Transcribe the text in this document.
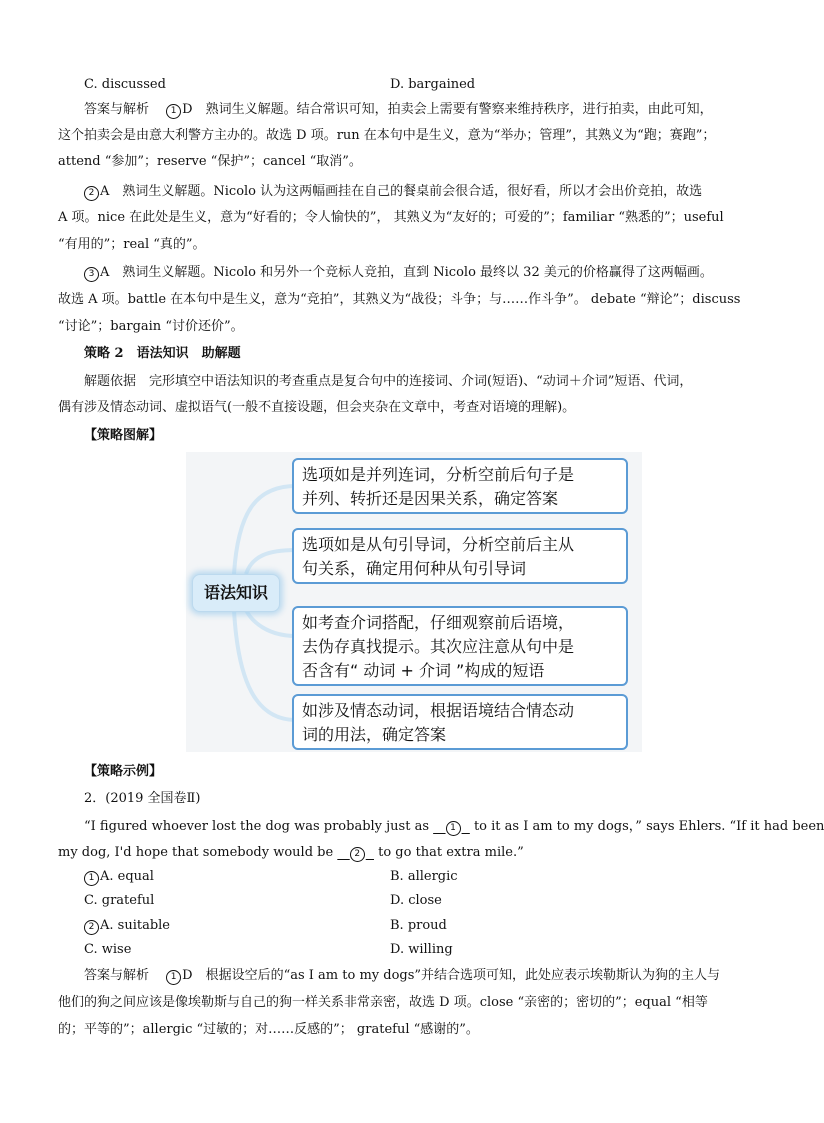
C. discussed	D. bargained
答案与解析　 1 D　熟词生义解题。结合常识可知，拍卖会上需要有警察来维持秩序，进行拍卖，由此可知，
这个拍卖会是由意大利警方主办的。故选 D 项。run 在本句中是生义，意为“举办；管理”，其熟义为“跑；赛跑”；
attend “参加”；reserve “保护”；cancel “取消”。
2 A　熟词生义解题。Nicolo 认为这两幅画挂在自己的餐桌前会很合适，很好看，所以才会出价竞拍，故选
A 项。nice 在此处是生义，意为“好看的；令人愉快的”， 其熟义为“友好的；可爱的”；familiar “熟悉的”；useful
“有用的”；real “真的”。
3 A　熟词生义解题。Nicolo 和另外一个竞标人竞拍，直到 Nicolo 最终以 32 美元的价格赢得了这两幅画。
故选 A 项。battle 在本句中是生义，意为“竞拍”，其熟义为“战役；斗争；与……作斗争”。 debate “辩论”；discuss
“讨论”；bargain “讨价还价”。
策略 2　语法知识　助解题
解题依据　完形填空中语法知识的考查重点是复合句中的连接词、介词(短语)、“动词＋介词”短语、代词，
偶有涉及情态动词、虚拟语气(一般不直接设题，但会夹杂在文章中，考查对语境的理解)。
【策略图解】
语法知识
选项如是并列连词，分析空前后句子是
并列、转折还是因果关系，确定答案
选项如是从句引导词，分析空前后主从
句关系，确定用何种从句引导词
如考查介词搭配，仔细观察前后语境，
去伪存真找提示。其次应注意从句中是
否含有“ 动词 + 介词 ”构成的短语
如涉及情态动词，根据语境结合情态动
词的用法，确定答案
【策略示例】
2．(2019 全国卷Ⅱ)
“I figured whoever lost the dog was probably just as    1   to it as I am to my dogs，” says Ehlers. “If it had been
my dog, I'd hope that somebody would be    2   to go that extra mile.”
1 A. equal	B. allergic
C. grateful	D. close
2 A. suitable	B. proud
C. wise	D. willing
答案与解析　 1 D　根据设空后的“as I am to my dogs”并结合选项可知，此处应表示埃勒斯认为狗的主人与
他们的狗之间应该是像埃勒斯与自己的狗一样关系非常亲密，故选 D 项。close “亲密的；密切的”；equal “相等
的；平等的”；allergic “过敏的；对……反感的”； grateful “感谢的”。
